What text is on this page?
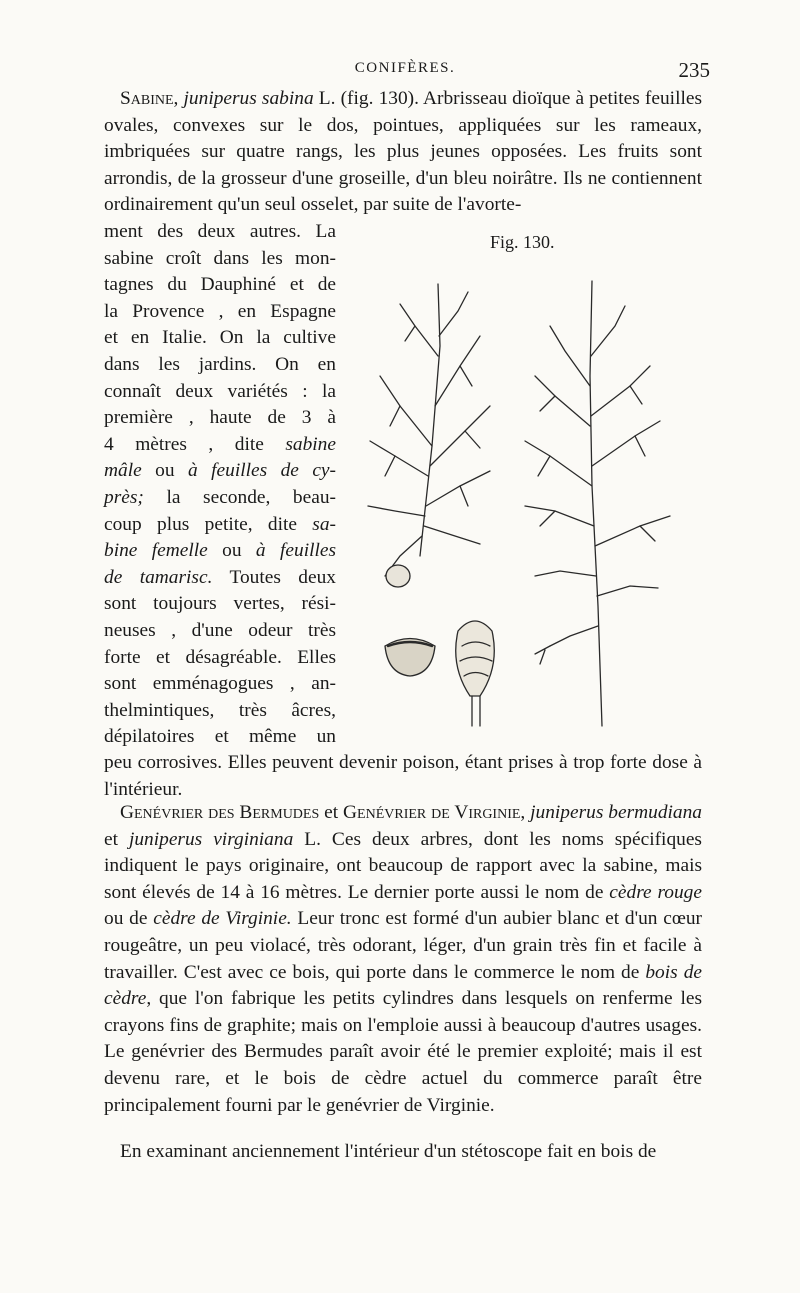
CONIFÈRES.	235
Sabine, juniperus sabina L. (fig. 130). Arbrisseau dioïque à petites feuilles ovales, convexes sur le dos, pointues, appliquées sur les rameaux, imbriquées sur quatre rangs, les plus jeunes opposées. Les fruits sont arrondis, de la grosseur d'une groseille, d'un bleu noirâtre. Ils ne contiennent ordinairement qu'un seul osselet, par suite de l'avorte-
ment des deux autres. La
sabine croît dans les mon-
tagnes du Dauphiné et de
la Provence , en Espagne
et en Italie. On la cultive
dans les jardins. On en
connaît deux variétés : la
première , haute de 3 à
4 mètres , dite sabine
mâle ou à feuilles de cy-
près; la seconde, beau-
coup plus petite, dite sa-
bine femelle ou à feuilles
de tamarisc. Toutes deux
sont toujours vertes, rési-
neuses , d'une odeur très
forte et désagréable. Elles
sont emménagogues , an-
thelmintiques, très âcres,
dépilatoires et même un
Fig. 130.
peu corrosives. Elles peuvent devenir poison, étant prises à trop forte dose à l'intérieur.
Genévrier des Bermudes et Genévrier de Virginie, juniperus bermudiana et juniperus virginiana L. Ces deux arbres, dont les noms spécifiques indiquent le pays originaire, ont beaucoup de rapport avec la sabine, mais sont élevés de 14 à 16 mètres. Le dernier porte aussi le nom de cèdre rouge ou de cèdre de Virginie. Leur tronc est formé d'un aubier blanc et d'un cœur rougeâtre, un peu violacé, très odorant, léger, d'un grain très fin et facile à travailler. C'est avec ce bois, qui porte dans le commerce le nom de bois de cèdre, que l'on fabrique les petits cylindres dans lesquels on renferme les crayons fins de graphite; mais on l'emploie aussi à beaucoup d'autres usages. Le genévrier des Bermudes paraît avoir été le premier exploité; mais il est devenu rare, et le bois de cèdre actuel du commerce paraît être principalement fourni par le genévrier de Virginie.
En examinant anciennement l'intérieur d'un stétoscope fait en bois de
